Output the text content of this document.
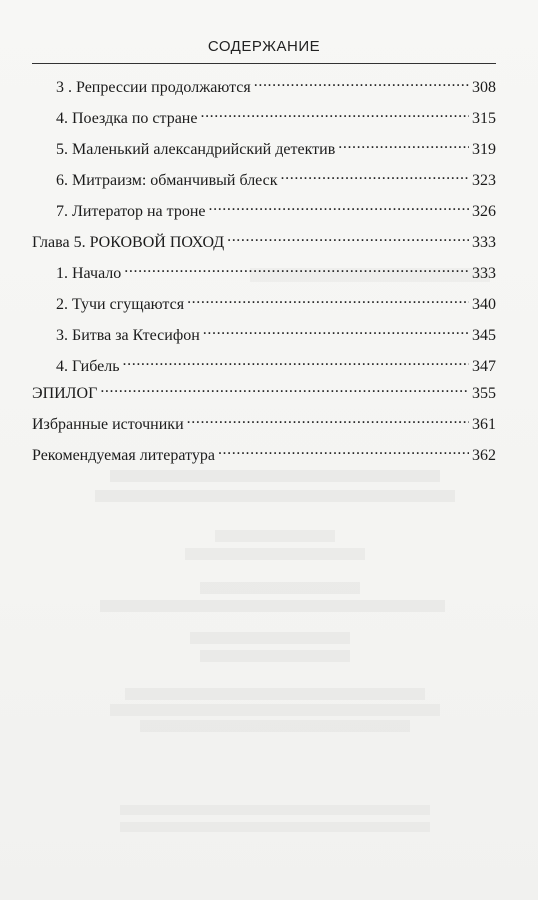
СОДЕРЖАНИЕ
3 . Репрессии продолжаются .....	308
4. Поездка по стране .....	315
5. Маленький александрийский детектив .....	319
6. Митраизм: обманчивый блеск .....	323
7. Литератор на троне .....	326
Глава 5. РОКОВОЙ ПОХОД .....	333
1. Начало .....	333
2. Тучи сгущаются .....	340
3. Битва за Ктесифон .....	345
4. Гибель .....	347
ЭПИЛОГ .....	355
Избранные источники .....	361
Рекомендуемая литература .....	362
